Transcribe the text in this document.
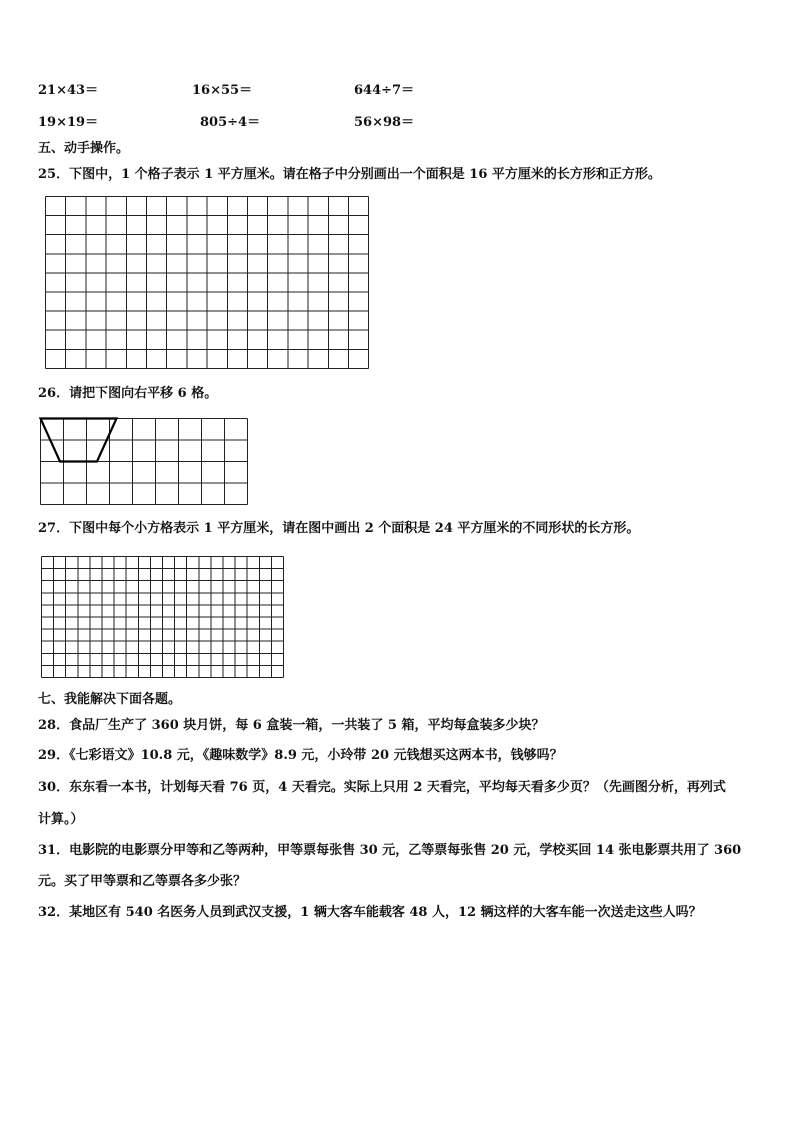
21×43＝	16×55＝	644÷7＝
19×19＝	805÷4＝	56×98＝
五、动手操作。
25．下图中，1 个格子表示 1 平方厘米。请在格子中分别画出一个面积是 16 平方厘米的长方形和正方形。
26．请把下图向右平移 6 格。
27．下图中每个小方格表示 1 平方厘米，请在图中画出 2 个面积是 24 平方厘米的不同形状的长方形。
七、我能解决下面各题。
28．食品厂生产了 360 块月饼，每 6 盒装一箱，一共装了 5 箱，平均每盒装多少块？
29．《七彩语文》10.8 元，《趣味数学》8.9 元，小玲带 20 元钱想买这两本书，钱够吗？
30．东东看一本书，计划每天看 76 页，4 天看完。实际上只用 2 天看完，平均每天看多少页？（先画图分析，再列式
计算。）
31．电影院的电影票分甲等和乙等两种，甲等票每张售 30 元，乙等票每张售 20 元，学校买回 14 张电影票共用了 360
元。买了甲等票和乙等票各多少张？
32．某地区有 540 名医务人员到武汉支援，1 辆大客车能载客 48 人，12 辆这样的大客车能一次送走这些人吗？
